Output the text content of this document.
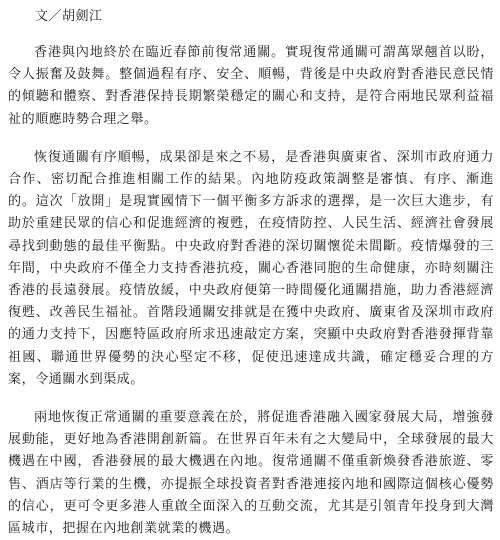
文／胡劍江

香港與內地終於在臨近春節前復常通關。實現復常通關可謂萬眾翹首以盼，令人振奮及鼓舞。整個過程有序、安全、順暢，背後是中央政府對香港民意民情的傾聽和體察、對香港保持長期繁榮穩定的關心和支持，是符合兩地民眾利益福祉的順應時勢合理之舉。

恢復通關有序順暢，成果卻是來之不易，是香港與廣東省、深圳市政府通力合作、密切配合推進相關工作的結果。內地防疫政策調整是審慎、有序、漸進的。這次「放開」是現實國情下一個平衡多方訴求的選擇，是一次巨大進步，有助於重建民眾的信心和促進經濟的複甦，在疫情防控、人民生活、經濟社會發展尋找到動態的最佳平衡點。中央政府對香港的深切關懷從未間斷。疫情爆發的三年間，中央政府不僅全力支持香港抗疫，關心香港同胞的生命健康，亦時刻關注香港的長遠發展。疫情放緩，中央政府便第一時間優化通關措施，助力香港經濟復甦、改善民生福祉。首階段通關安排就是在獲中央政府、廣東省及深圳市政府的通力支持下，因應特區政府所求迅速敲定方案，突顯中央政府對香港發揮背靠祖國、聯通世界優勢的決心堅定不移，促使迅速達成共識，確定穩妥合理的方案，令通關水到渠成。

兩地恢復正常通關的重要意義在於，將促進香港融入國家發展大局，增強發展動能，更好地為香港開創新篇。在世界百年未有之大變局中，全球發展的最大機遇在中國，香港發展的最大機遇在內地。復常通關不僅重新煥發香港旅遊、零售、酒店等行業的生機，亦提振全球投資者對香港連接內地和國際這個核心優勢的信心，更可令更多港人重啟全面深入的互動交流，尤其是引領青年投身到大灣區城市，把握在內地創業就業的機遇。
